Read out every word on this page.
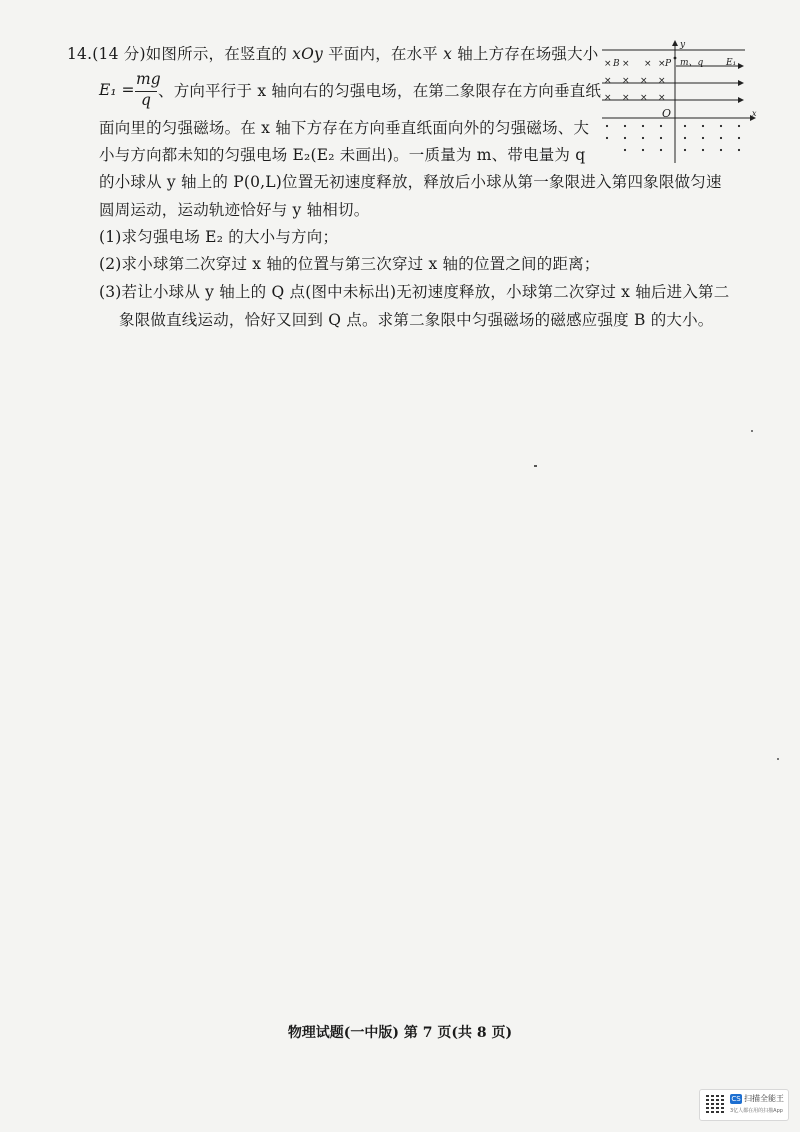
14.(14 分)如图所示，在竖直的 xOy 平面内，在水平 x 轴上方存在场强大小
E₁ =
mg
q 、方向平行于 x 轴向右的匀强电场，在第二象限存在方向垂直纸
面向里的匀强磁场。在 x 轴下方存在方向垂直纸面向外的匀强磁场、大
小与方向都未知的匀强电场 E₂(E₂ 未画出)。一质量为 m、带电量为 q
的小球从 y 轴上的 P(0,L)位置无初速度释放，释放后小球从第一象限进入第四象限做匀速
圆周运动，运动轨迹恰好与 y 轴相切。
(1)求匀强电场 E₂ 的大小与方向；
(2)求小球第二次穿过 x 轴的位置与第三次穿过 x 轴的位置之间的距离；
(3)若让小球从 y 轴上的 Q 点(图中未标出)无初速度释放，小球第二次穿过 x 轴后进入第二
象限做直线运动，恰好又回到 Q 点。求第二象限中匀强磁场的磁感应强度 B 的大小。
× × × ×
× × × ×
× × × ×
y
x
O
B	P m、q	E₁
物理试题(一中版) 第 7 页(共 8 页)
CS 扫描全能王
3亿人都在用的扫描App
